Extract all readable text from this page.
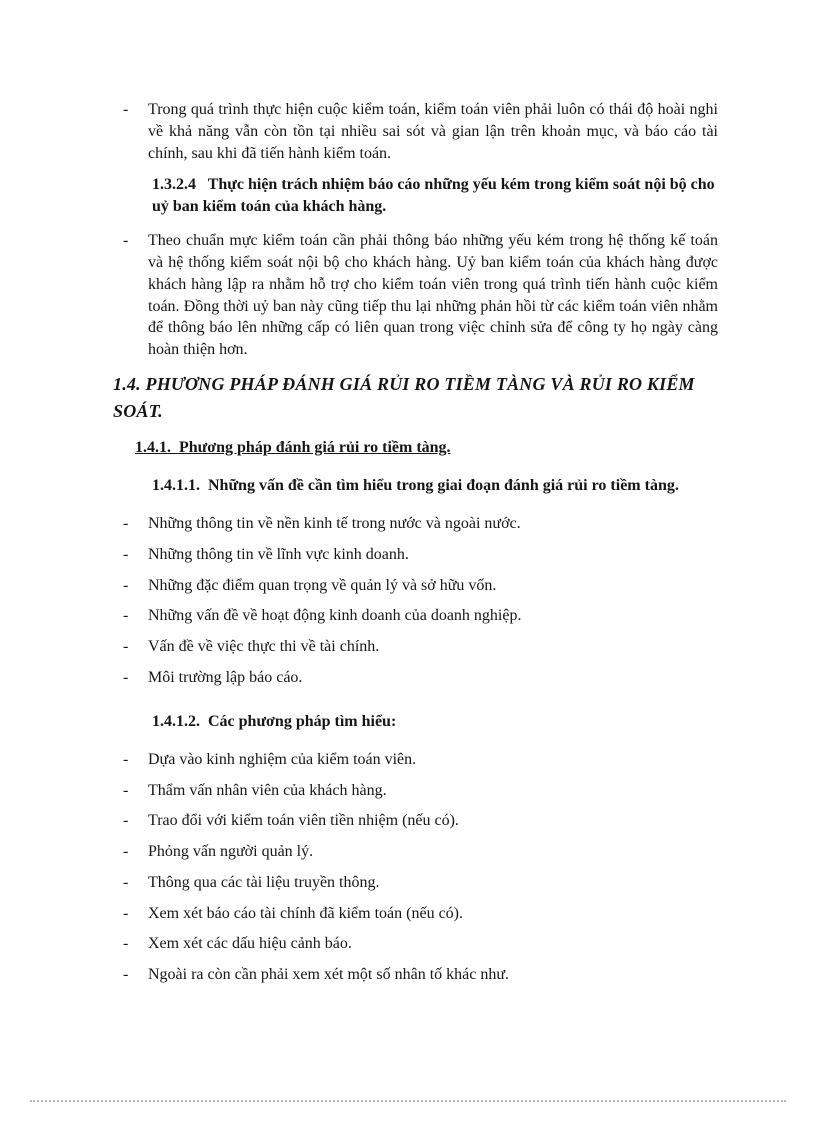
-	Trong quá trình thực hiện cuộc kiểm toán, kiểm toán viên phải luôn có thái độ hoài nghi về khả năng vẫn còn tồn tại nhiều sai sót và gian lận trên khoản mục, và báo cáo tài chính, sau khi đã tiến hành kiểm toán.
1.3.2.4   Thực hiện trách nhiệm báo cáo những yếu kém trong kiểm soát nội bộ cho uỷ ban kiểm toán của khách hàng.
-	Theo chuẩn mực kiểm toán cần phải thông báo những yếu kém trong hệ thống kế toán và hệ thống kiểm soát nội bộ cho khách hàng. Uỷ ban kiểm toán của khách hàng được khách hàng lập ra nhằm hỗ trợ cho kiểm toán viên trong quá trình tiến hành cuộc kiểm toán. Đồng thời uỷ ban này cũng tiếp thu lại những phản hồi từ các kiểm toán viên nhằm để thông báo lên những cấp có liên quan trong việc chỉnh sửa để công ty họ ngày càng hoàn thiện hơn.
1.4. PHƯƠNG PHÁP ĐÁNH GIÁ RỦI RO TIỀM TÀNG VÀ RỦI RO KIỂM SOÁT.
1.4.1.  Phương pháp đánh giá rủi ro tiềm tàng.
1.4.1.1.  Những vấn đề cần tìm hiểu trong giai đoạn đánh giá rủi ro tiềm tàng.
-	Những thông tin về nền kinh tế trong nước và ngoài nước.
-	Những thông tin về lĩnh vực kinh doanh.
-	Những đặc điểm quan trọng về quản lý và sở hữu vốn.
-	Những vấn đề về hoạt động kinh doanh của doanh nghiệp.
-	Vấn đề về việc thực thi về tài chính.
-	Môi trường lập báo cáo.
1.4.1.2.  Các phương pháp tìm hiểu:
-	Dựa vào kinh nghiệm của kiểm toán viên.
-	Thẩm vấn nhân viên của khách hàng.
-	Trao đổi với kiểm toán viên tiền nhiệm (nếu có).
-	Phỏng vấn người quản lý.
-	Thông qua các tài liệu truyền thông.
-	Xem xét báo cáo tài chính đã kiểm toán (nếu có).
-	Xem xét các dấu hiệu cảnh báo.
-	Ngoài ra còn cần phải xem xét một số nhân tố khác như.
